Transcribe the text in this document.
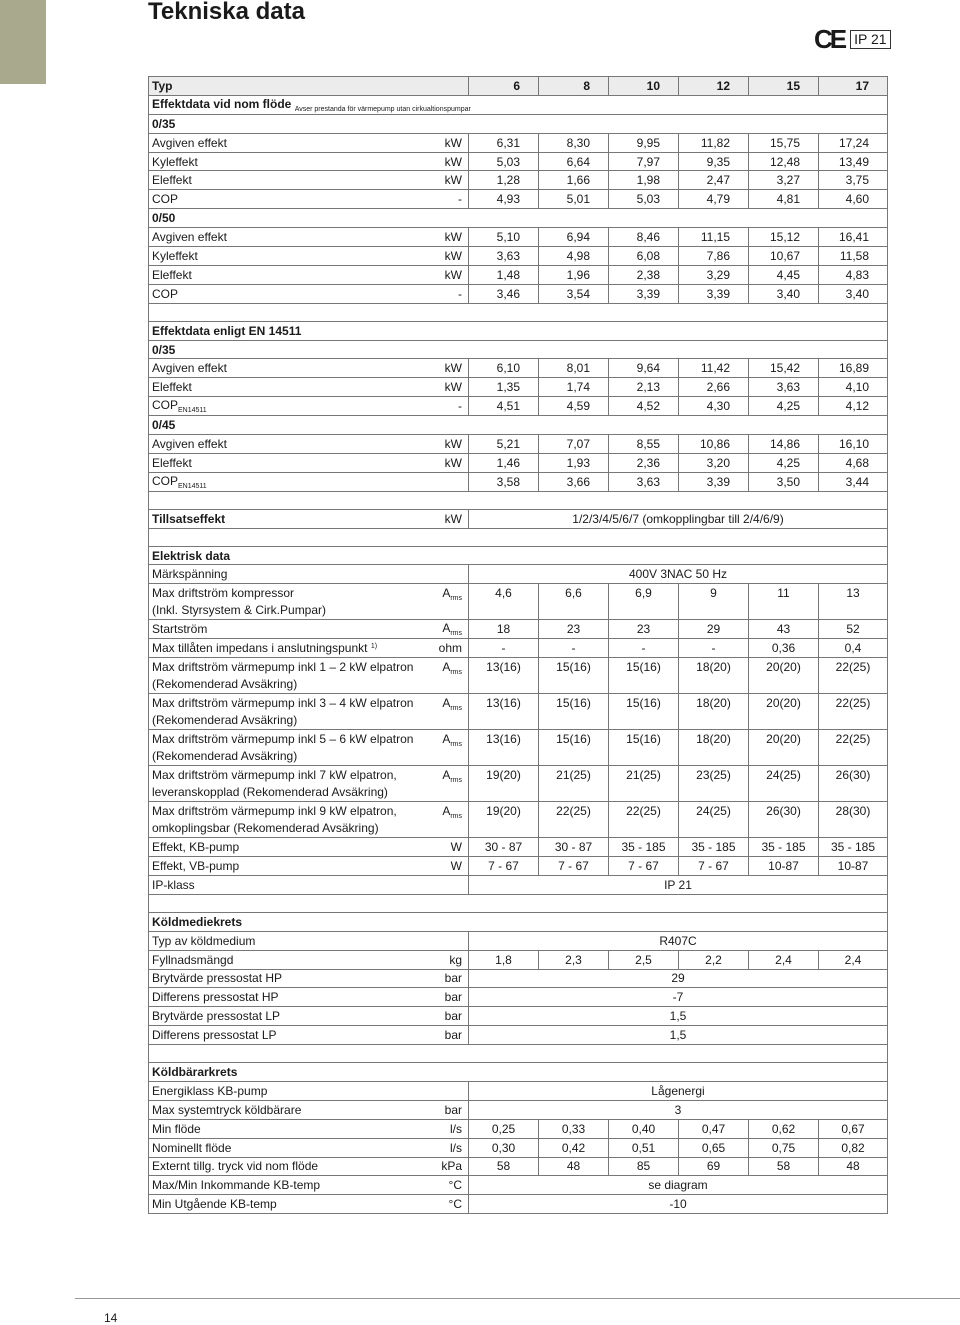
Tekniska data
CE IP 21
Typ		6	8	10	12	15	17
Effektdata vid nom flöde $_{Avser prestanda för värmepump utan cirkualtionspumpar}$
0/35							
Avgiven effekt	kW	6,31	8,30	9,95	11,82	15,75	17,24
Kyleffekt	kW	5,03	6,64	7,97	9,35	12,48	13,49
Eleffekt	kW	1,28	1,66	1,98	2,47	3,27	3,75
COP	-	4,93	5,01	5,03	4,79	4,81	4,60
0/50							
Avgiven effekt	kW	5,10	6,94	8,46	11,15	15,12	16,41
Kyleffekt	kW	3,63	4,98	6,08	7,86	10,67	11,58
Eleffekt	kW	1,48	1,96	2,38	3,29	4,45	4,83
COP	-	3,46	3,54	3,39	3,39	3,40	3,40

Effektdata enligt EN 14511							
0/35							
Avgiven effekt	kW	6,10	8,01	9,64	11,42	15,42	16,89
Eleffekt	kW	1,35	1,74	2,13	2,66	3,63	4,10
$COP_{EN14511}$	-	4,51	4,59	4,52	4,30	4,25	4,12
0/45							
Avgiven effekt	kW	5,21	7,07	8,55	10,86	14,86	16,10
Eleffekt	kW	1,46	1,93	2,36	3,20	4,25	4,68
$COP_{EN14511}$		3,58	3,66	3,63	3,39	3,50	3,44

Tillsatseffekt	kW	1/2/3/4/5/6/7 (omkopplingbar till 2/4/6/9)					

Elektrisk data							
Märkspänning		400V 3NAC 50 Hz					
Max driftström kompressor
(Inkl. Styrsystem & Cirk.Pumpar)	$A_{rms}$	4,6	6,6	6,9	9	11	13
Startström	$A_{rms}$	18	23	23	29	43	52
Max tillåten impedans i anslutningspunkt $^{1)}$	ohm	-	-	-	-	0,36	0,4
Max driftström värmepump inkl 1 – 2 kW elpatron
(Rekomenderad Avsäkring)	$A_{rms}$	13(16)	15(16)	15(16)	18(20)	20(20)	22(25)
Max driftström värmepump inkl 3 – 4 kW elpatron
(Rekomenderad Avsäkring)	$A_{rms}$	13(16)	15(16)	15(16)	18(20)	20(20)	22(25)
Max driftström värmepump inkl 5 – 6 kW elpatron
(Rekomenderad Avsäkring)	$A_{rms}$	13(16)	15(16)	15(16)	18(20)	20(20)	22(25)
Max driftström värmepump inkl 7 kW elpatron,
leveranskopplad (Rekomenderad Avsäkring)	$A_{rms}$	19(20)	21(25)	21(25)	23(25)	24(25)	26(30)
Max driftström värmepump inkl 9 kW elpatron,
omkoplingsbar (Rekomenderad Avsäkring)	$A_{rms}$	19(20)	22(25)	22(25)	24(25)	26(30)	28(30)
Effekt, KB-pump	W	30 - 87	30 - 87	35 - 185	35 - 185	35 - 185	35 - 185
Effekt, VB-pump	W	7 - 67	7 - 67	7 - 67	7 - 67	10-87	10-87
IP-klass		IP 21					

Köldmediekrets							
Typ av köldmedium		R407C					
Fyllnadsmängd	kg	1,8	2,3	2,5	2,2	2,4	2,4
Brytvärde pressostat HP	bar	29					
Differens pressostat HP	bar	-7					
Brytvärde pressostat LP	bar	1,5					
Differens pressostat LP	bar	1,5					

Köldbärarkrets							
Energiklass KB-pump		Lågenergi					
Max systemtryck köldbärare	bar	3					
Min flöde	l/s	0,25	0,33	0,40	0,47	0,62	0,67
Nominellt flöde	l/s	0,30	0,42	0,51	0,65	0,75	0,82
Externt tillg. tryck vid nom flöde	kPa	58	48	85	69	58	48
Max/Min Inkommande KB-temp	°C	se diagram					
Min Utgående KB-temp	°C	-10					
14
